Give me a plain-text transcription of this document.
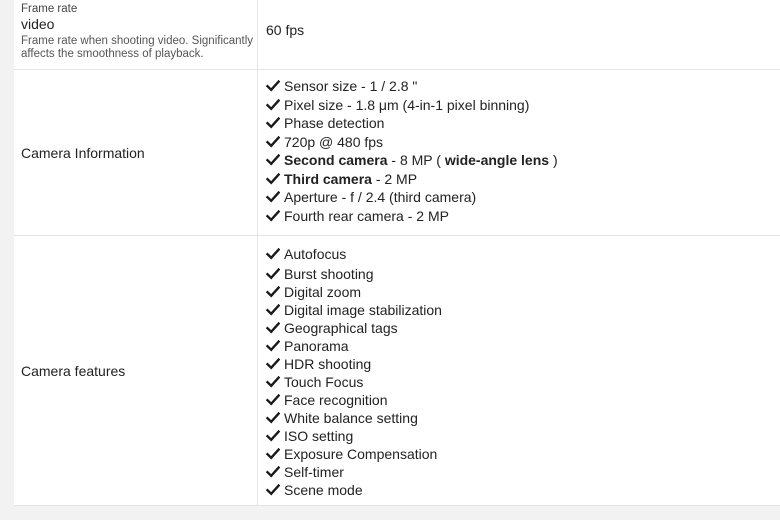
Frame rate
video
Frame rate when shooting video. Significantly
affects the smoothness of playback.
60 fps
Camera Information
Sensor size - 1 / 2.8 "
Pixel size - 1.8 μm (4-in-1 pixel binning)
Phase detection
720p @ 480 fps
Second camera - 8 MP ( wide-angle lens )
Third camera - 2 MP
Aperture - f / 2.4 (third camera)
Fourth rear camera - 2 MP
Camera features
Autofocus
Burst shooting
Digital zoom
Digital image stabilization
Geographical tags
Panorama
HDR shooting
Touch Focus
Face recognition
White balance setting
ISO setting
Exposure Compensation
Self-timer
Scene mode
